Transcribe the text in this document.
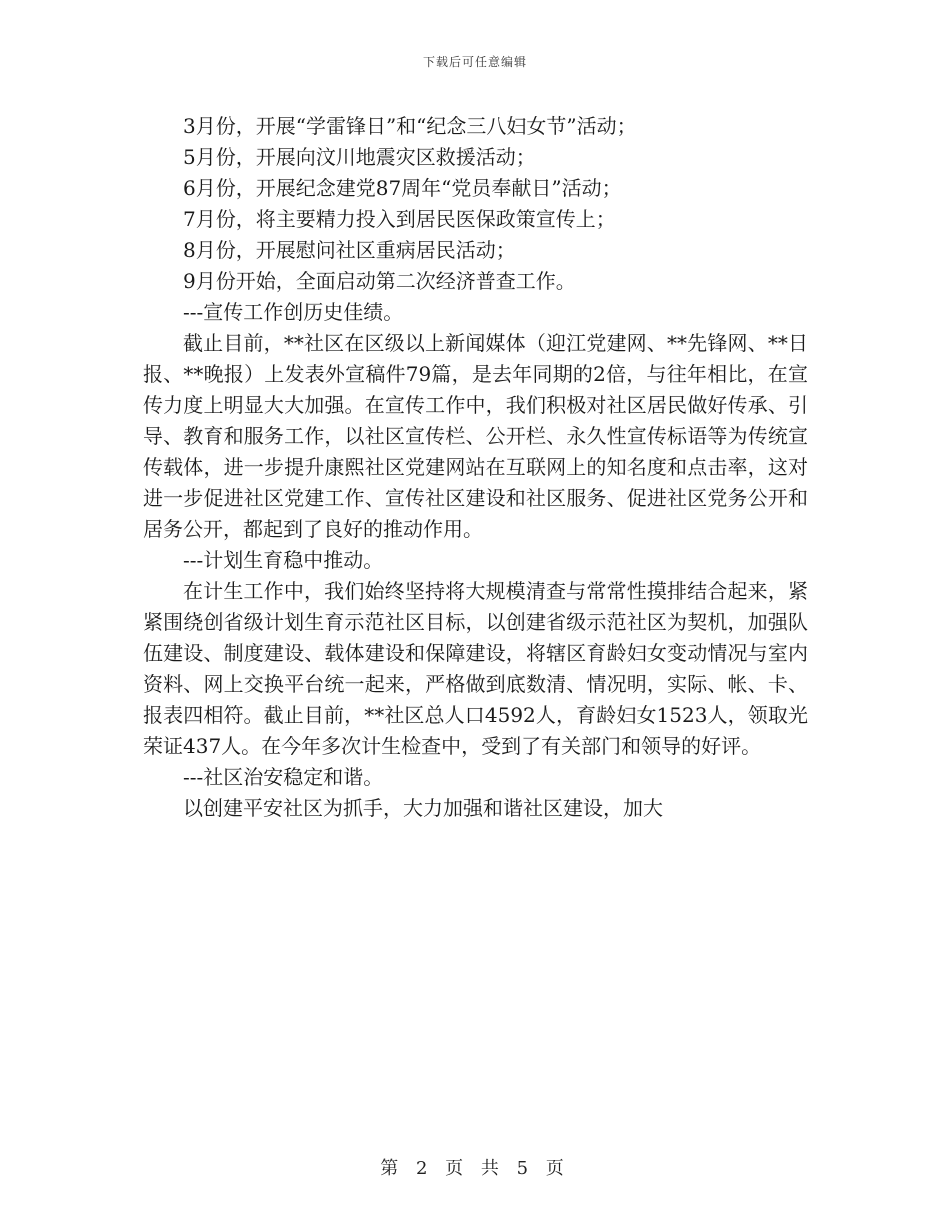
下载后可任意编辑

3月份，开展“学雷锋日”和“纪念三八妇女节”活动；

5月份，开展向汶川地震灾区救援活动；

6月份，开展纪念建党87周年“党员奉献日”活动；

7月份，将主要精力投入到居民医保政策宣传上；

8月份，开展慰问社区重病居民活动；

9月份开始，全面启动第二次经济普查工作。

---宣传工作创历史佳绩。

截止目前，**社区在区级以上新闻媒体（迎江党建网、**先锋网、**日报、**晚报）上发表外宣稿件79篇，是去年同期的2倍，与往年相比，在宣传力度上明显大大加强。在宣传工作中，我们积极对社区居民做好传承、引导、教育和服务工作，以社区宣传栏、公开栏、永久性宣传标语等为传统宣传载体，进一步提升康熙社区党建网站在互联网上的知名度和点击率，这对进一步促进社区党建工作、宣传社区建设和社区服务、促进社区党务公开和居务公开，都起到了良好的推动作用。

---计划生育稳中推动。

在计生工作中，我们始终坚持将大规模清查与常常性摸排结合起来，紧紧围绕创省级计划生育示范社区目标，以创建省级示范社区为契机，加强队伍建设、制度建设、载体建设和保障建设，将辖区育龄妇女变动情况与室内资料、网上交换平台统一起来，严格做到底数清、情况明，实际、帐、卡、报表四相符。截止目前，**社区总人口4592人，育龄妇女1523人，领取光荣证437人。在今年多次计生检查中，受到了有关部门和领导的好评。

---社区治安稳定和谐。

以创建平安社区为抓手，大力加强和谐社区建设，加大

第 2 页 共 5 页
